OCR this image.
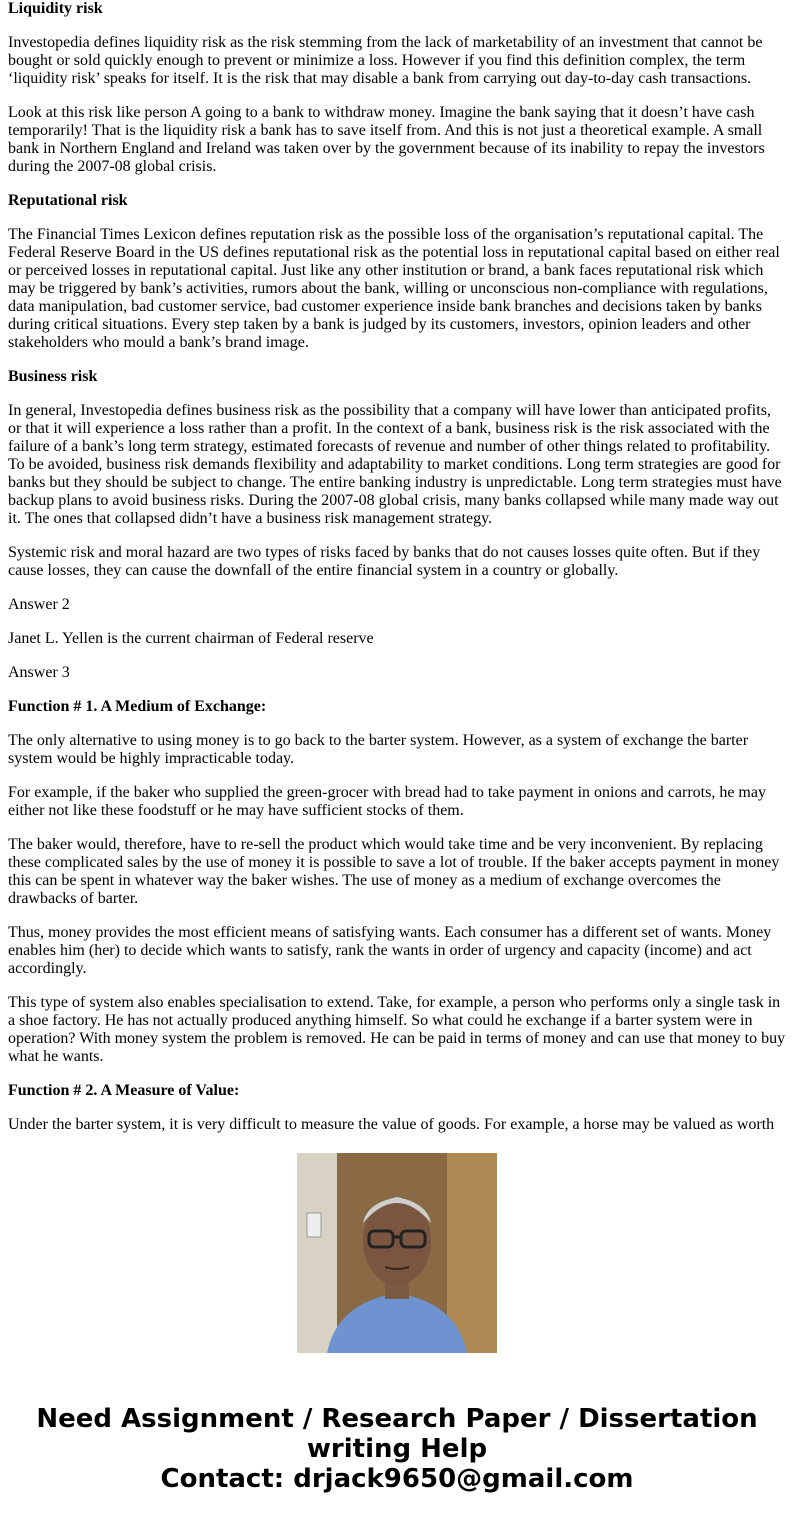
Liquidity risk

Investopedia defines liquidity risk as the risk stemming from the lack of marketability of an investment that cannot be bought or sold quickly enough to prevent or minimize a loss. However if you find this definition complex, the term ‘liquidity risk’ speaks for itself. It is the risk that may disable a bank from carrying out day-to-day cash transactions.

Look at this risk like person A going to a bank to withdraw money. Imagine the bank saying that it doesn’t have cash temporarily! That is the liquidity risk a bank has to save itself from. And this is not just a theoretical example. A small bank in Northern England and Ireland was taken over by the government because of its inability to repay the investors during the 2007-08 global crisis.

Reputational risk

The Financial Times Lexicon defines reputation risk as the possible loss of the organisation’s reputational capital. The Federal Reserve Board in the US defines reputational risk as the potential loss in reputational capital based on either real or perceived losses in reputational capital. Just like any other institution or brand, a bank faces reputational risk which may be triggered by bank’s activities, rumors about the bank, willing or unconscious non-compliance with regulations, data manipulation, bad customer service, bad customer experience inside bank branches and decisions taken by banks during critical situations. Every step taken by a bank is judged by its customers, investors, opinion leaders and other stakeholders who mould a bank’s brand image.

Business risk

In general, Investopedia defines business risk as the possibility that a company will have lower than anticipated profits, or that it will experience a loss rather than a profit. In the context of a bank, business risk is the risk associated with the failure of a bank’s long term strategy, estimated forecasts of revenue and number of other things related to profitability. To be avoided, business risk demands flexibility and adaptability to market conditions. Long term strategies are good for banks but they should be subject to change. The entire banking industry is unpredictable. Long term strategies must have backup plans to avoid business risks. During the 2007-08 global crisis, many banks collapsed while many made way out it. The ones that collapsed didn’t have a business risk management strategy.

Systemic risk and moral hazard are two types of risks faced by banks that do not causes losses quite often. But if they cause losses, they can cause the downfall of the entire financial system in a country or globally.

Answer 2

Janet L. Yellen is the current chairman of Federal reserve

Answer 3

Function # 1. A Medium of Exchange:

The only alternative to using money is to go back to the barter system. However, as a system of exchange the barter system would be highly impracticable today.

For example, if the baker who supplied the green-grocer with bread had to take payment in onions and carrots, he may either not like these foodstuff or he may have sufficient stocks of them.

The baker would, therefore, have to re-sell the product which would take time and be very inconvenient. By replacing these complicated sales by the use of money it is possible to save a lot of trouble. If the baker accepts payment in money this can be spent in whatever way the baker wishes. The use of money as a medium of exchange overcomes the drawbacks of barter.

Thus, money provides the most efficient means of satisfying wants. Each consumer has a different set of wants. Money enables him (her) to decide which wants to satisfy, rank the wants in order of urgency and capacity (income) and act accordingly.

This type of system also enables specialisation to extend. Take, for example, a person who performs only a single task in a shoe factory. He has not actually produced anything himself. So what could he exchange if a barter system were in operation? With money system the problem is removed. He can be paid in terms of money and can use that money to buy what he wants.

Function # 2. A Measure of Value:

Under the barter system, it is very difficult to measure the value of goods. For example, a horse may be valued as worth

Need Assignment / Research Paper / Dissertation writing Help
Contact: drjack9650@gmail.com
